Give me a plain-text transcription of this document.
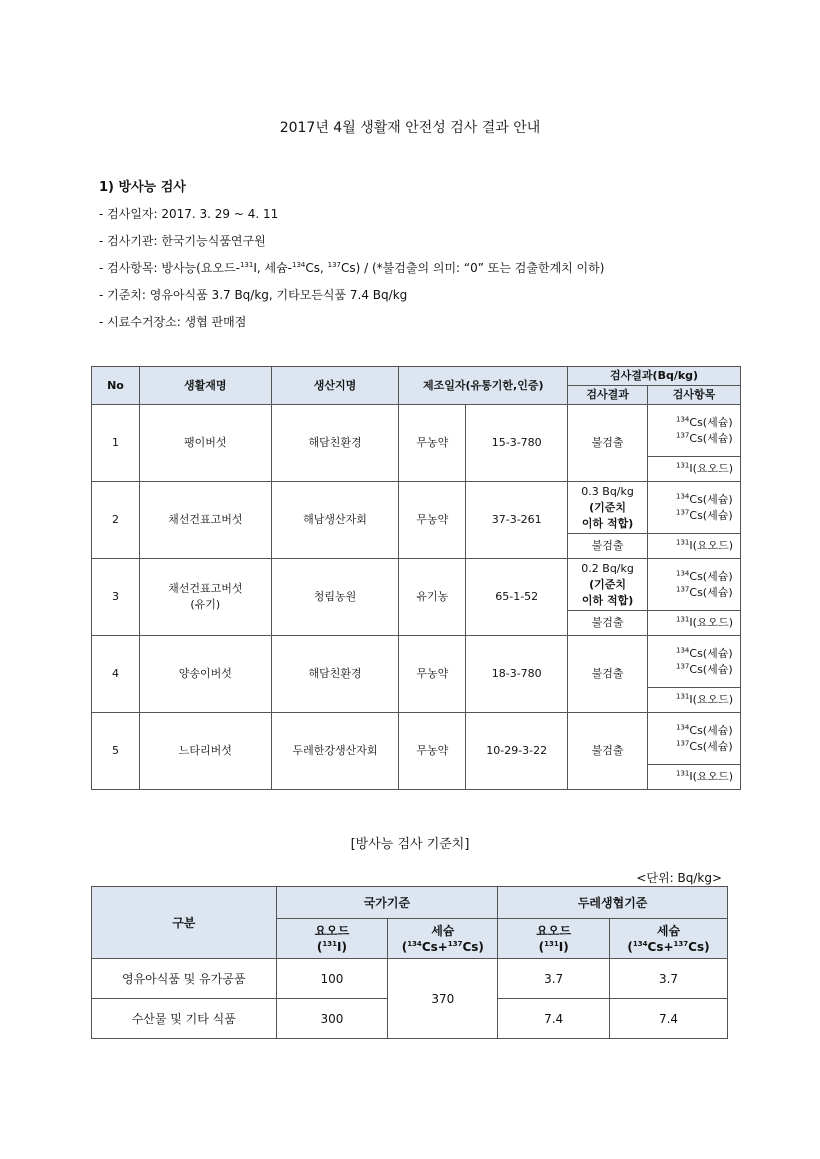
2017년 4월 생활재 안전성 검사 결과 안내
1) 방사능 검사
- 검사일자: 2017. 3. 29 ~ 4. 11
- 검사기관: 한국기능식품연구원
- 검사항목: 방사능(요오드-$^{131}$I, 세슘-$^{134}$Cs, $^{137}$Cs) / (*불검출의 의미: “0” 또는 검출한계치 이하)
- 기준치: 영유아식품 3.7 Bq/kg, 기타모든식품 7.4 Bq/kg
- 시료수거장소: 생협 판매점
No	생활재명	생산지명	제조일자(유통기한,인증)		검사결과(Bq/kg)	
					검사결과	검사항목
1	팽이버섯	해담친환경	무농약	15-3-780	불검출	$^{134}$Cs(세슘)
$^{137}$Cs(세슘)
						$^{131}$I(요오드)
2	채선건표고버섯	해남생산자회	무농약	37-3-261	0.3 Bq/kg
(기준치
이하 적합)	$^{134}$Cs(세슘)
$^{137}$Cs(세슘)
					불검출	$^{131}$I(요오드)
3	채선건표고버섯
(유기)	청림농원	유기농	65-1-52	0.2 Bq/kg
(기준치
이하 적합)	$^{134}$Cs(세슘)
$^{137}$Cs(세슘)
					불검출	$^{131}$I(요오드)
4	양송이버섯	해담친환경	무농약	18-3-780	불검출	$^{134}$Cs(세슘)
$^{137}$Cs(세슘)
						$^{131}$I(요오드)
5	느타리버섯	두레한강생산자회	무농약	10-29-3-22	불검출	$^{134}$Cs(세슘)
$^{137}$Cs(세슘)
						$^{131}$I(요오드)
[방사능 검사 기준치]
<단위: Bq/kg>
구분	국가기준		두레생협기준	
	요오드
($^{131}$I)	세슘
($^{134}$Cs+$^{137}$Cs)	요오드
($^{131}$I)	세슘
($^{134}$Cs+$^{137}$Cs)
영유아식품 및 유가공품	100	370	3.7	3.7
수산물 및 기타 식품	300		7.4	7.4
